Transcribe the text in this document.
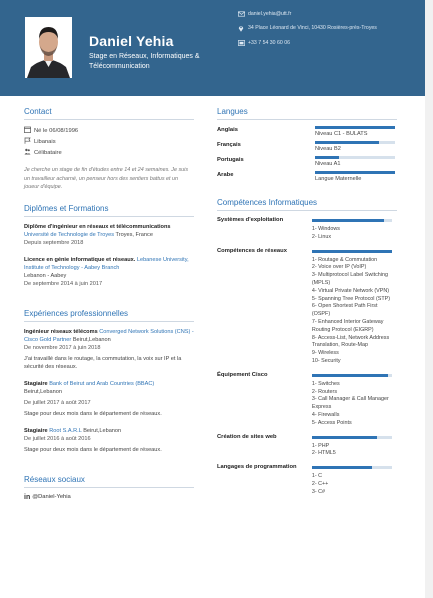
Daniel Yehia
Stage en Réseaux, Informatiques & Télécommunication
daniel.yehia@utt.fr
34 Place Léonard de Vinci, 10430 Rosières-près-Troyes
+33 7 54 30 60 06
Contact
Né le 06/08/1996
Libanais
Célibataire
Je cherche un stage de fin d'études entre 14 et 24 semaines. Je suis un travailleur acharné, un penseur hors des sentiers battus et un joueur d'équipe.
Diplômes et Formations
Diplôme d'ingénieur en réseaux et télécommunications
Université de Technologie de Troyes Troyes, France
Depuis septembre 2018
Licence en génie informatique et réseaux. Lebanese University, Institute of Technology - Aabey Branch
Lebanon - Aabey
De septembre 2014 à juin 2017
Expériences professionnelles
Ingénieur réseaux télécoms Converged Network Solutions (CNS) - Cisco Gold Partner Beirut,Lebanon
De novembre 2017 à juin 2018
J'ai travaillé dans le routage, la commutation, la voix sur IP et la sécurité des réseaux.
Stagiaire Bank of Beirut and Arab Countries (BBAC)
Beirut,Lebanon
De juillet 2017 à août 2017
Stage pour deux mois dans le département de réseaux.
Stagiaire Root S.A.R.L Beirut,Lebanon
De juillet 2016 à août 2016
Stage pour deux mois dans le département de réseaux.
Réseaux sociaux
in @Daniel-Yehia
Langues
Anglais
Niveau C1 - BULATS
Français
Niveau B2
Portugais
Niveau A1
Arabe
Langue Maternelle
Compétences Informatiques
Systèmes d'exploitation
1- Windows
2- Linux
Compétences de réseaux
1- Routage & Commutation
2- Voice over IP (VoIP)
3- Multiprotocol Label Switching (MPLS)
4- Virtual Private Network (VPN)
5- Spanning Tree Protocol (STP)
6- Open Shortest Path First (OSPF)
7- Enhanced Interior Gateway Routing Protocol (EIGRP)
8- Access-List, Network Address Translation, Route-Map
9- Wireless
10- Security
Équipement Cisco
1- Switches
2- Routers
3- Call Manager & Call Manager Express
4- Firewalls
5- Access Points
Création de sites web
1- PHP
2- HTML5
Langages de programmation
1- C
2- C++
3- C#
